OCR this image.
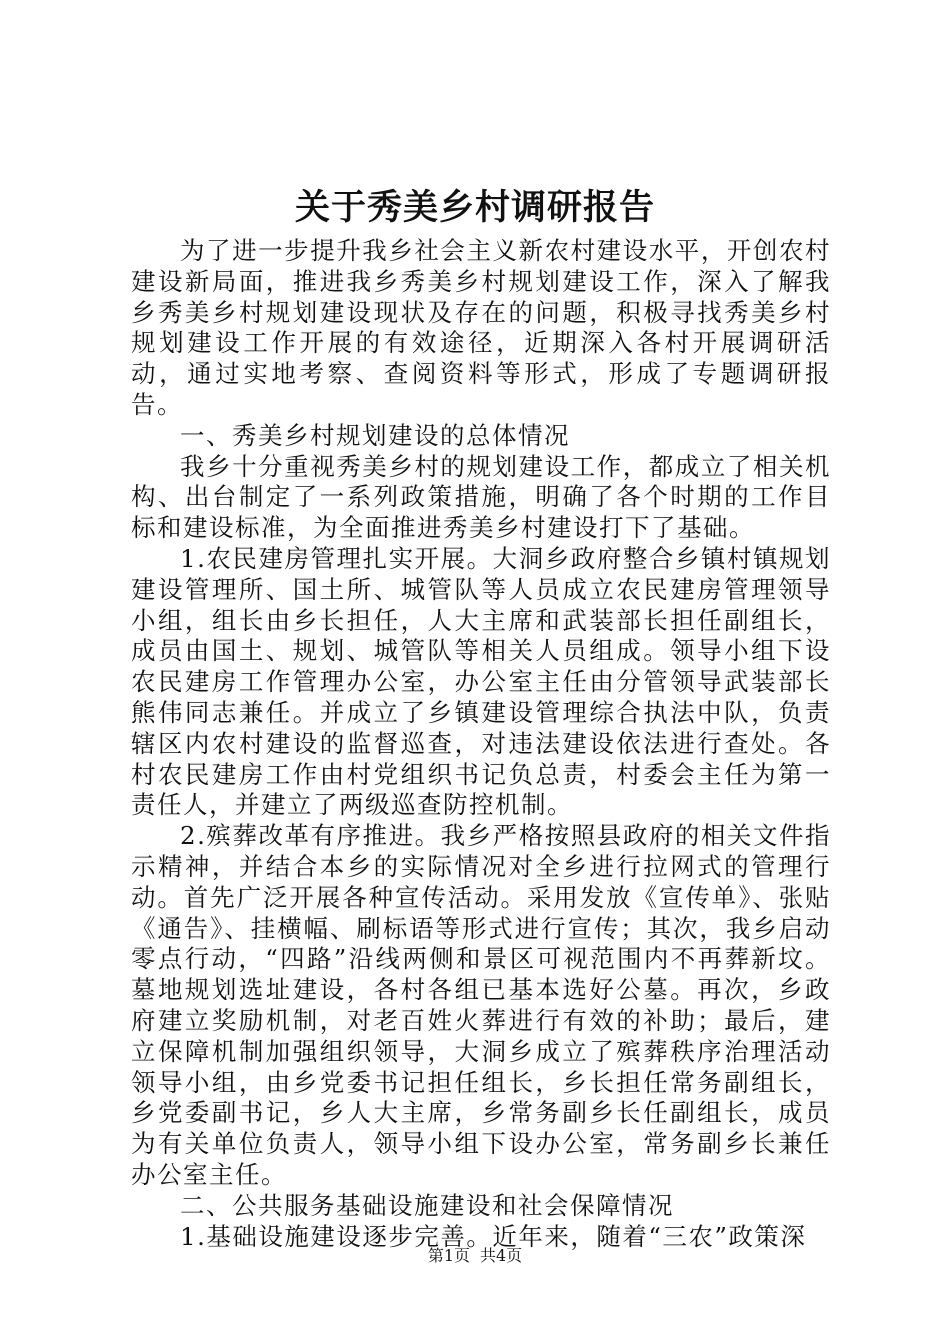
关于秀美乡村调研报告

为了进一步提升我乡社会主义新农村建设水平，开创农村建设新局面，推进我乡秀美乡村规划建设工作，深入了解我乡秀美乡村规划建设现状及存在的问题，积极寻找秀美乡村规划建设工作开展的有效途径，近期深入各村开展调研活动，通过实地考察、查阅资料等形式，形成了专题调研报告。

一、秀美乡村规划建设的总体情况

我乡十分重视秀美乡村的规划建设工作，都成立了相关机构、出台制定了一系列政策措施，明确了各个时期的工作目标和建设标准，为全面推进秀美乡村建设打下了基础。

1.农民建房管理扎实开展。大洞乡政府整合乡镇村镇规划建设管理所、国土所、城管队等人员成立农民建房管理领导小组，组长由乡长担任，人大主席和武装部长担任副组长，成员由国土、规划、城管队等相关人员组成。领导小组下设农民建房工作管理办公室，办公室主任由分管领导武装部长熊伟同志兼任。并成立了乡镇建设管理综合执法中队，负责辖区内农村建设的监督巡查，对违法建设依法进行查处。各村农民建房工作由村党组织书记负总责，村委会主任为第一责任人，并建立了两级巡查防控机制。

2.殡葬改革有序推进。我乡严格按照县政府的相关文件指示精神，并结合本乡的实际情况对全乡进行拉网式的管理行动。首先广泛开展各种宣传活动。采用发放《宣传单》、张贴《通告》、挂横幅、刷标语等形式进行宣传；其次，我乡启动零点行动，“四路”沿线两侧和景区可视范围内不再葬新坟。墓地规划选址建设，各村各组已基本选好公墓。再次，乡政府建立奖励机制，对老百姓火葬进行有效的补助；最后，建立保障机制加强组织领导，大洞乡成立了殡葬秩序治理活动领导小组，由乡党委书记担任组长，乡长担任常务副组长，乡党委副书记，乡人大主席，乡常务副乡长任副组长，成员为有关单位负责人，领导小组下设办公室，常务副乡长兼任办公室主任。

二、公共服务基础设施建设和社会保障情况

1.基础设施建设逐步完善。近年来，随着“三农”政策深

第1页 共4页
